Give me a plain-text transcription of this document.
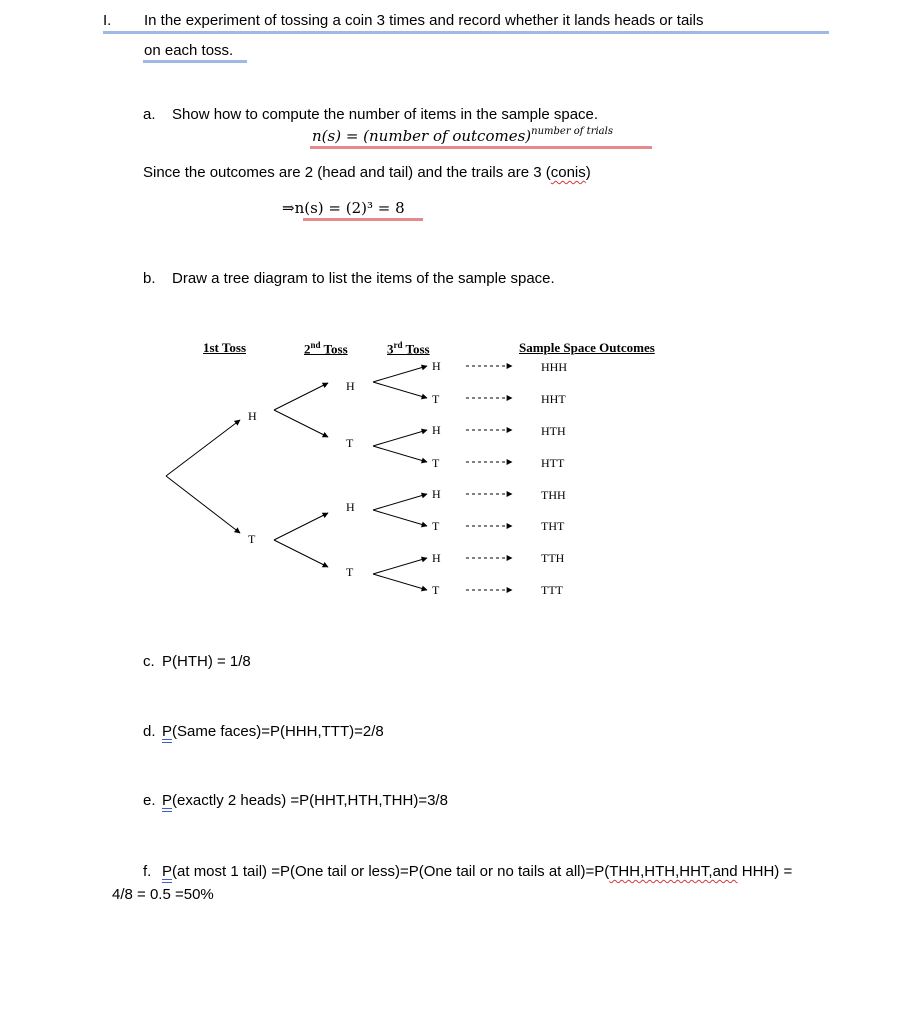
I. In the experiment of tossing a coin 3 times and record whether it lands heads or tails
on each toss.
a. Show how to compute the number of items in the sample space.
n(s) = (number of outcomes)$^{number of trials}$
Since the outcomes are 2 (head and tail) and the trails are 3 (conis)
⇒n(s) = (2)³ = 8
b. Draw a tree diagram to list the items of the sample space.
1st Toss	2nd Toss	3rd Toss	Sample Space Outcomes
H
T
H
T
H
T
H
T
H
T
H
T
H
T
HHH
HHT
HTH
HTT
THH
THT
TTH
TTT
c. P(HTH) = 1/8
d. P(Same faces)=P(HHH,TTT)=2/8
e. P(exactly 2 heads) =P(HHT,HTH,THH)=3/8
f. P(at most 1 tail) =P(One tail or less)=P(One tail or no tails at all)=P(THH,HTH,HHT,and HHH) =
4/8 = 0.5 =50%
